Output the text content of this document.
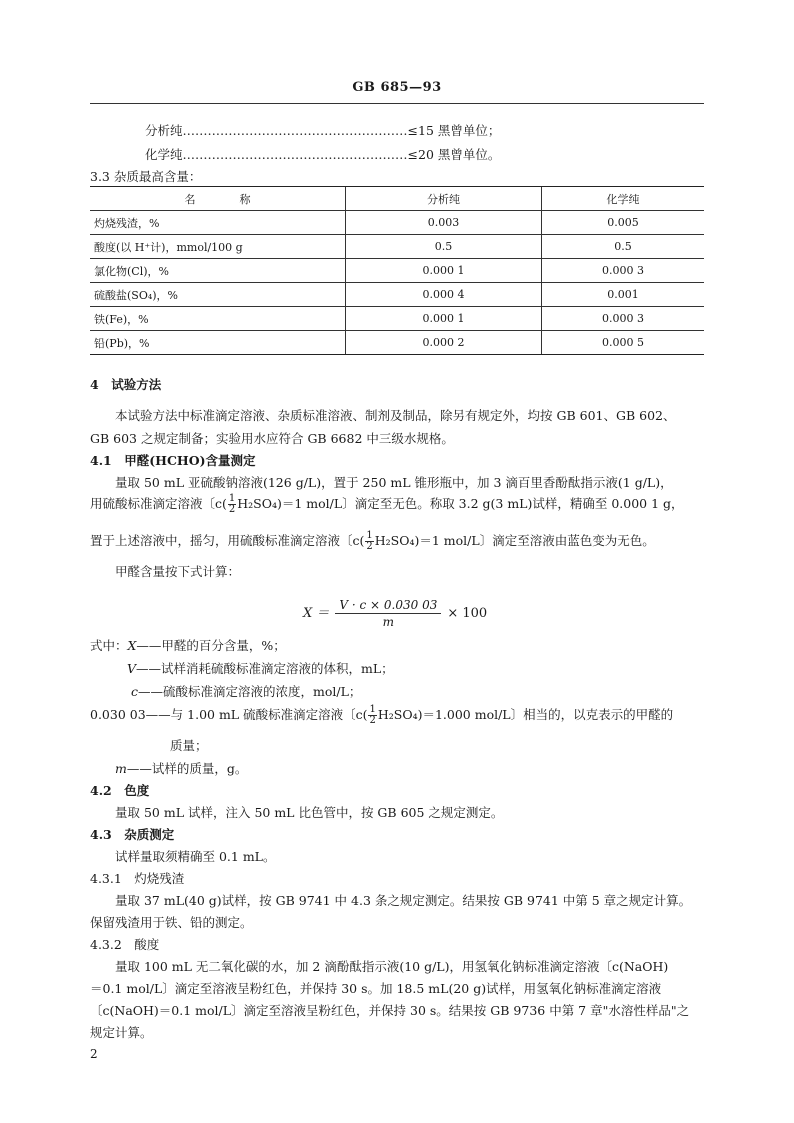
GB 685—93
分析纯………………………………………………≤15 黑曾单位；
化学纯………………………………………………≤20 黑曾单位。
3.3 杂质最高含量：
名　　　　称	分析纯	化学纯
灼烧残渣，%	0.003	0.005
酸度(以 H⁺计)，mmol/100 g	0.5	0.5
氯化物(Cl)，%	0.000 1	0.000 3
硫酸盐(SO₄)，%	0.000 4	0.001
铁(Fe)，%	0.000 1	0.000 3
铅(Pb)，%	0.000 2	0.000 5
4　试验方法
本试验方法中标准滴定溶液、杂质标准溶液、制剂及制品，除另有规定外，均按 GB 601、GB 602、
GB 603 之规定制备；实验用水应符合 GB 6682 中三级水规格。
4.1　甲醛(HCHO)含量测定
量取 50 mL 亚硫酸钠溶液(126 g/L)，置于 250 mL 锥形瓶中，加 3 滴百里香酚酞指示液(1 g/L)，
用硫酸标准滴定溶液〔$c( \frac{1}{2} H_2SO_4)=1$ mol/L〕滴定至无色。称取 3.2 g(3 mL)试样，精确至 0.000 1 g，
置于上述溶液中，摇匀，用硫酸标准滴定溶液〔$c( \frac{1}{2} H_2SO_4)=1$ mol/L〕滴定至溶液由蓝色变为无色。
甲醛含量按下式计算：
$X = \frac{V \cdot c \times 0.030 03}{m} \times 100$
式中：X——甲醛的百分含量，%；
V——试样消耗硫酸标准滴定溶液的体积，mL；
c——硫酸标准滴定溶液的浓度，mol/L；
0.030 03——与 1.00 mL 硫酸标准滴定溶液〔$c( \frac{1}{2} H_2SO_4)=1.000$ mol/L〕相当的，以克表示的甲醛的
质量；
m——试样的质量，g。
4.2　色度
量取 50 mL 试样，注入 50 mL 比色管中，按 GB 605 之规定测定。
4.3　杂质测定
试样量取须精确至 0.1 mL。
4.3.1　灼烧残渣
量取 37 mL(40 g)试样，按 GB 9741 中 4.3 条之规定测定。结果按 GB 9741 中第 5 章之规定计算。
保留残渣用于铁、铅的测定。
4.3.2　酸度
量取 100 mL 无二氧化碳的水，加 2 滴酚酞指示液(10 g/L)，用氢氧化钠标准滴定溶液〔c(NaOH)
＝0.1 mol/L〕滴定至溶液呈粉红色，并保持 30 s。加 18.5 mL(20 g)试样，用氢氧化钠标准滴定溶液
〔c(NaOH)＝0.1 mol/L〕滴定至溶液呈粉红色，并保持 30 s。结果按 GB 9736 中第 7 章"水溶性样品"之
规定计算。
2
